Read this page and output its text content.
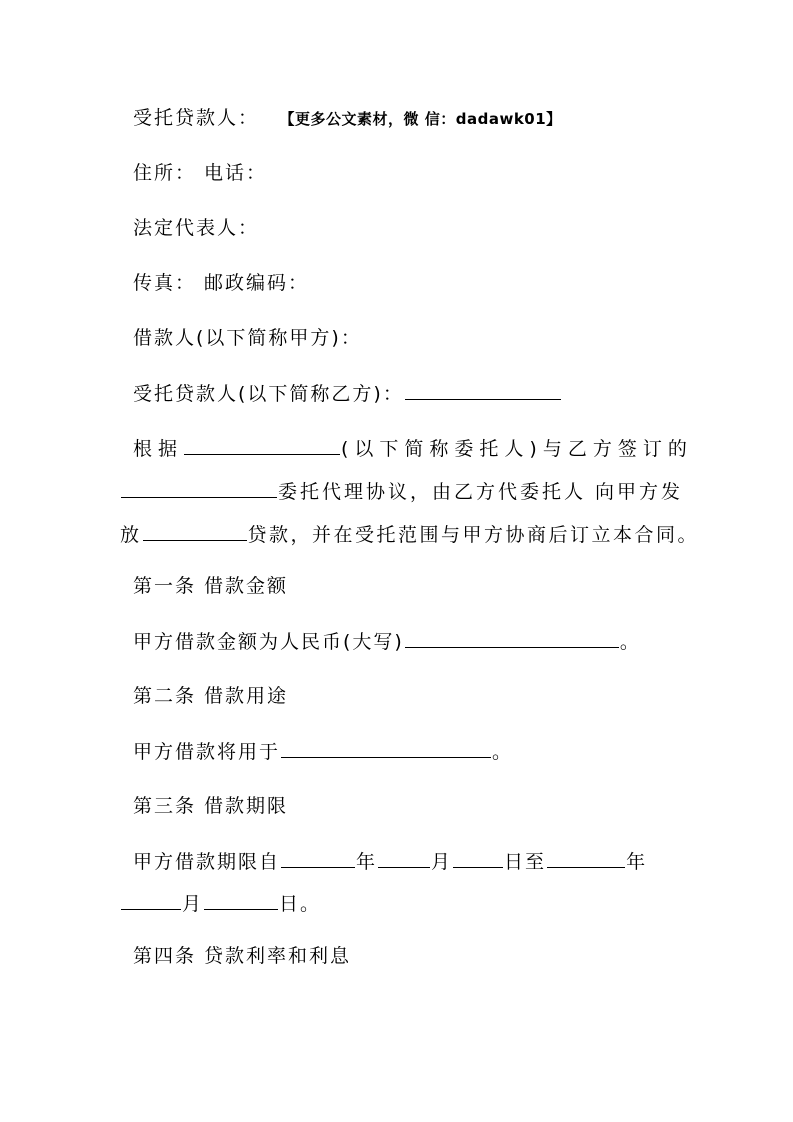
受托贷款人： 【更多公文素材，微 信：dadawk01】
住所： 电话：
法定代表人：
传真： 邮政编码：
借款人(以下简称甲方)：
受托贷款人(以下简称乙方)：
根据	(以下简称委托人)与乙方签订的
委托代理协议，由乙方代委托人 向甲方发
放	贷款，并在受托范围与甲方协商后订立本合同。
第一条 借款金额
甲方借款金额为人民币(大写)	。
第二条 借款用途
甲方借款将用于	。
第三条 借款期限
甲方借款期限自	年	月	日至	年
月	日。
第四条 贷款利率和利息
